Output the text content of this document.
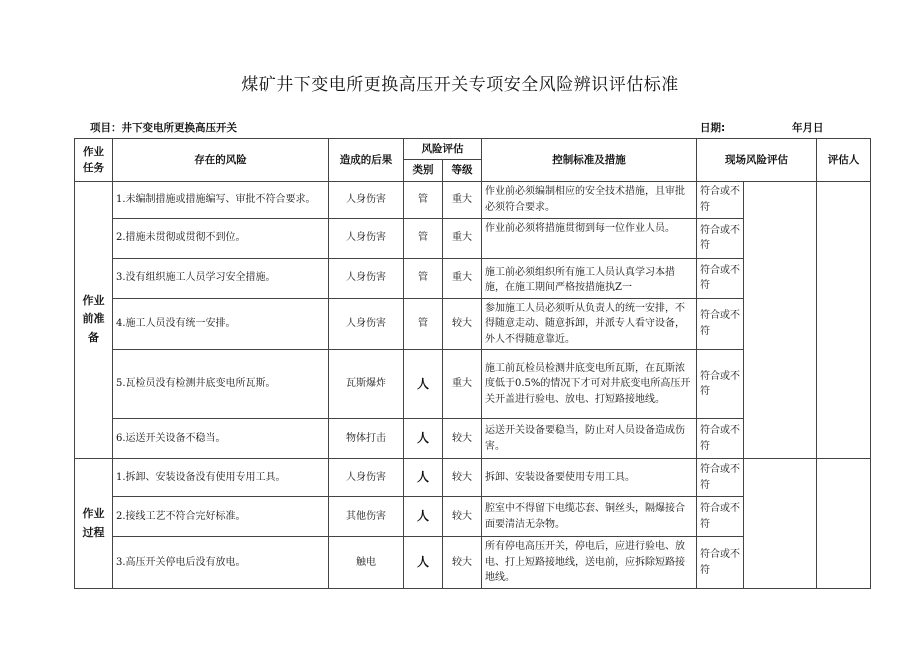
煤矿井下变电所更换高压开关专项安全风险辨识评估标准
项目：井下变电所更换高压开关	日期:	年月日
作业任务	存在的风险	造成的后果	风险评估		控制标准及措施	现场风险评估		评估人
			类别	等级				
作业前准备	1.未编制措施或措施编写、审批不符合要求。	人身伤害	管	重大	作业前必须编制相应的安全技术措施，且审批必须符合要求。	符合或不符		
	2.措施未贯彻或贯彻不到位。	人身伤害	管	重大	作业前必须将措施贯彻到每一位作业人员。	符合或不符		
	3.没有组织施工人员学习安全措施。	人身伤害	管	重大	施工前必须组织所有施工人员认真学习本措施，在施工期间严格按措施执Z一	符合或不符		
	4.施工人员没有统一安排。	人身伤害	管	较大	参加施工人员必须听从负责人的统一安排，不得随意走动、随意拆卸，并派专人看守设备，外人不得随意靠近。	符合或不符		
	5.瓦检员没有检测井底变电所瓦斯。	瓦斯爆炸	人	重大	施工前瓦检员检测井底变电所瓦斯，在瓦斯浓度低于0.5%的情况下才可对井底变电所高压开关开盖进行验电、放电、打短路接地线。	符合或不符		
	6.运送开关设备不稳当。	物体打击	人	较大	运送开关设备要稳当，防止对人员设备造成伤害。	符合或不符		
作业过程	1.拆卸、安装设备没有使用专用工具。	人身伤害	人	较大	拆卸、安装设备要使用专用工具。	符合或不符		
	2.接线工艺不符合完好标准。	其他伤害	人	较大	腔室中不得留下电缆芯套、铜丝头，隔爆接合面要清洁无杂物。	符合或不符		
	3.高压开关停电后没有放电。	触电	人	较大	所有停电高压开关，停电后，应进行验电、放电、打上短路接地线，送电前，应拆除短路接地线。	符合或不符		
